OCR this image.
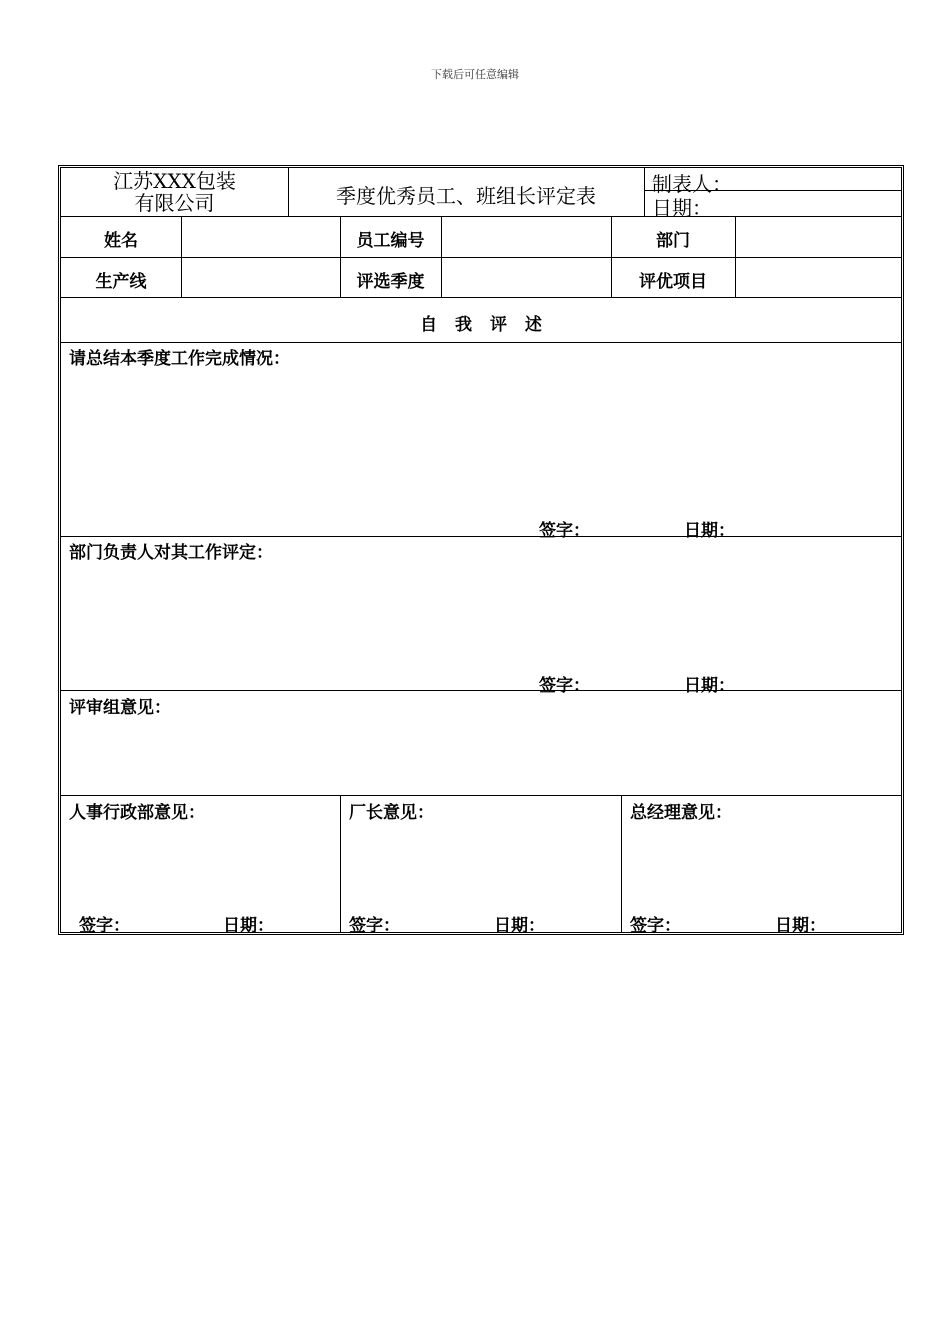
下载后可任意编辑
江苏XXX包装
有限公司	季度优秀员工、班组长评定表	制表人：
日期：
姓名	员工编号	部门
生产线	评选季度	评优项目
自 我 评 述
请总结本季度工作完成情况：
签字：	日期：
部门负责人对其工作评定：
签字：	日期：
评审组意见：
人事行政部意见：
签字：	日期：
厂长意见：
签字：	日期：
总经理意见：
签字：	日期：
